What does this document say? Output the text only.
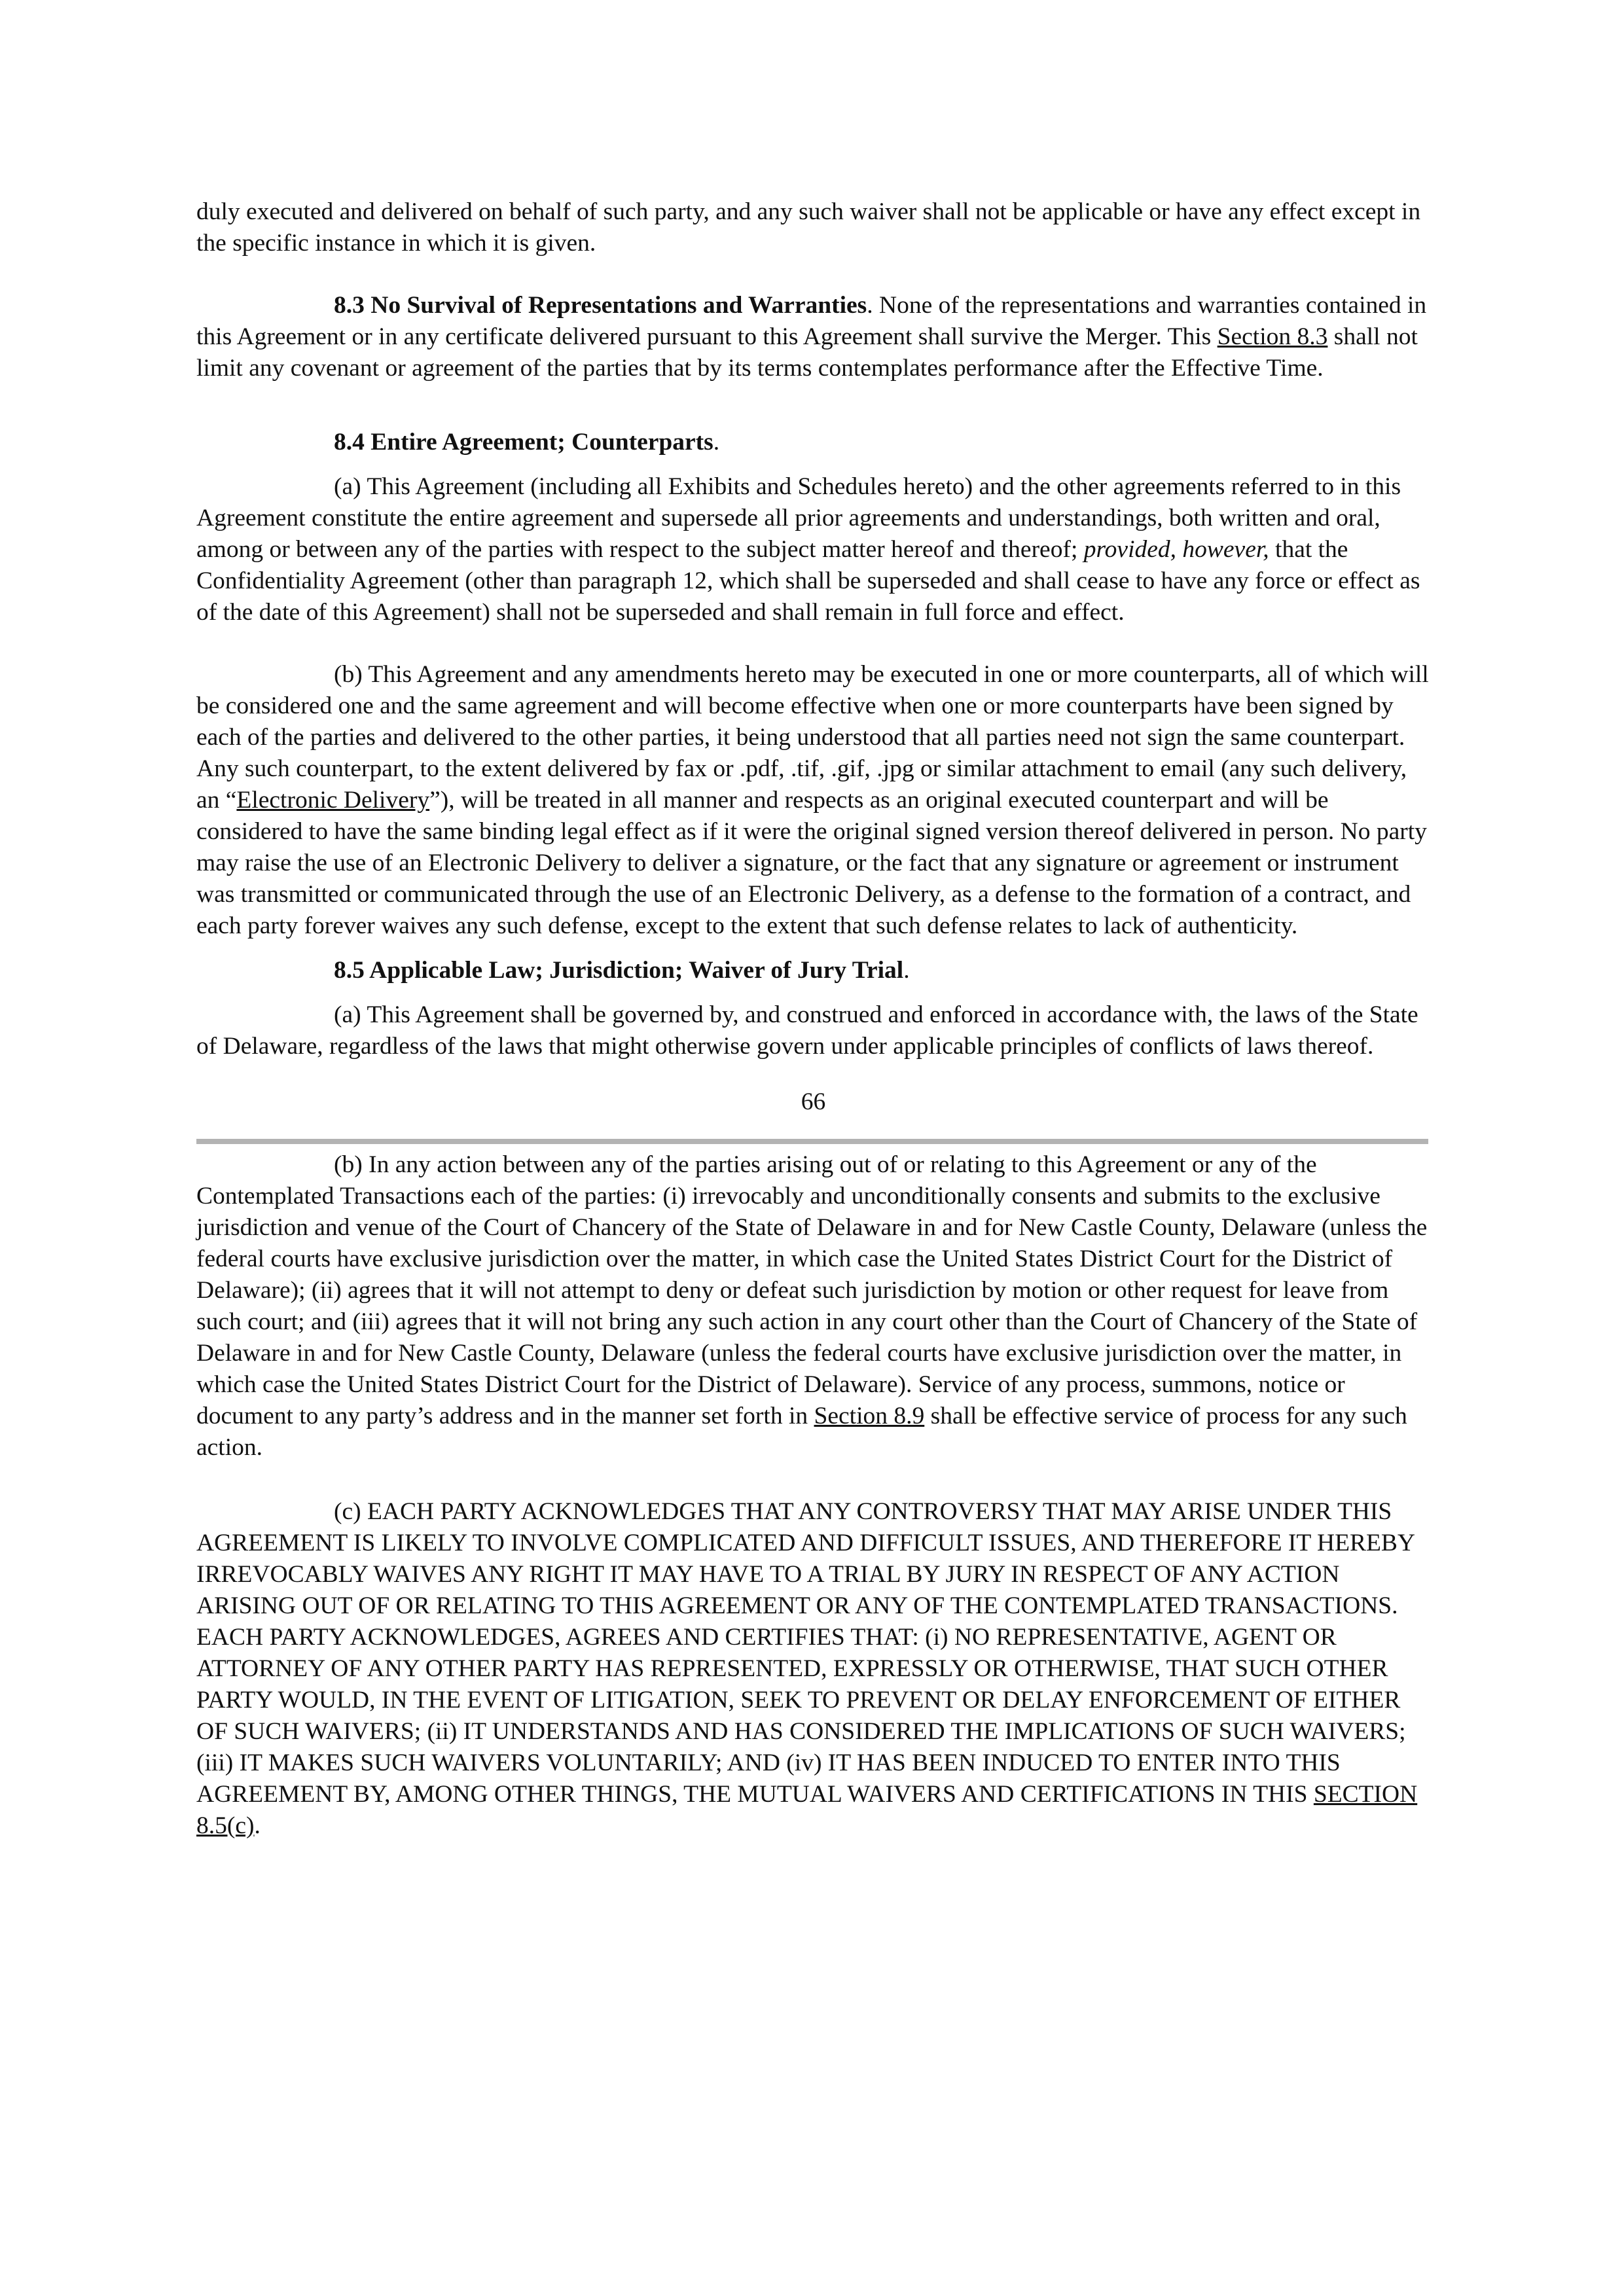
duly executed and delivered on behalf of such party, and any such waiver shall not be applicable or have any effect except in the specific instance in which it is given.

8.3 No Survival of Representations and Warranties. None of the representations and warranties contained in this Agreement or in any certificate delivered pursuant to this Agreement shall survive the Merger. This Section 8.3 shall not limit any covenant or agreement of the parties that by its terms contemplates performance after the Effective Time.

8.4 Entire Agreement; Counterparts.

(a) This Agreement (including all Exhibits and Schedules hereto) and the other agreements referred to in this Agreement constitute the entire agreement and supersede all prior agreements and understandings, both written and oral, among or between any of the parties with respect to the subject matter hereof and thereof; provided, however, that the Confidentiality Agreement (other than paragraph 12, which shall be superseded and shall cease to have any force or effect as of the date of this Agreement) shall not be superseded and shall remain in full force and effect.

(b) This Agreement and any amendments hereto may be executed in one or more counterparts, all of which will be considered one and the same agreement and will become effective when one or more counterparts have been signed by each of the parties and delivered to the other parties, it being understood that all parties need not sign the same counterpart. Any such counterpart, to the extent delivered by fax or .pdf, .tif, .gif, .jpg or similar attachment to email (any such delivery, an “Electronic Delivery”), will be treated in all manner and respects as an original executed counterpart and will be considered to have the same binding legal effect as if it were the original signed version thereof delivered in person. No party may raise the use of an Electronic Delivery to deliver a signature, or the fact that any signature or agreement or instrument was transmitted or communicated through the use of an Electronic Delivery, as a defense to the formation of a contract, and each party forever waives any such defense, except to the extent that such defense relates to lack of authenticity.

8.5 Applicable Law; Jurisdiction; Waiver of Jury Trial.

(a) This Agreement shall be governed by, and construed and enforced in accordance with, the laws of the State of Delaware, regardless of the laws that might otherwise govern under applicable principles of conflicts of laws thereof.

66

(b) In any action between any of the parties arising out of or relating to this Agreement or any of the Contemplated Transactions each of the parties: (i) irrevocably and unconditionally consents and submits to the exclusive jurisdiction and venue of the Court of Chancery of the State of Delaware in and for New Castle County, Delaware (unless the federal courts have exclusive jurisdiction over the matter, in which case the United States District Court for the District of Delaware); (ii) agrees that it will not attempt to deny or defeat such jurisdiction by motion or other request for leave from such court; and (iii) agrees that it will not bring any such action in any court other than the Court of Chancery of the State of Delaware in and for New Castle County, Delaware (unless the federal courts have exclusive jurisdiction over the matter, in which case the United States District Court for the District of Delaware). Service of any process, summons, notice or document to any party’s address and in the manner set forth in Section 8.9 shall be effective service of process for any such action.

(c) EACH PARTY ACKNOWLEDGES THAT ANY CONTROVERSY THAT MAY ARISE UNDER THIS AGREEMENT IS LIKELY TO INVOLVE COMPLICATED AND DIFFICULT ISSUES, AND THEREFORE IT HEREBY IRREVOCABLY WAIVES ANY RIGHT IT MAY HAVE TO A TRIAL BY JURY IN RESPECT OF ANY ACTION ARISING OUT OF OR RELATING TO THIS AGREEMENT OR ANY OF THE CONTEMPLATED TRANSACTIONS. EACH PARTY ACKNOWLEDGES, AGREES AND CERTIFIES THAT: (i) NO REPRESENTATIVE, AGENT OR ATTORNEY OF ANY OTHER PARTY HAS REPRESENTED, EXPRESSLY OR OTHERWISE, THAT SUCH OTHER PARTY WOULD, IN THE EVENT OF LITIGATION, SEEK TO PREVENT OR DELAY ENFORCEMENT OF EITHER OF SUCH WAIVERS; (ii) IT UNDERSTANDS AND HAS CONSIDERED THE IMPLICATIONS OF SUCH WAIVERS; (iii) IT MAKES SUCH WAIVERS VOLUNTARILY; AND (iv) IT HAS BEEN INDUCED TO ENTER INTO THIS AGREEMENT BY, AMONG OTHER THINGS, THE MUTUAL WAIVERS AND CERTIFICATIONS IN THIS SECTION 8.5(c).
